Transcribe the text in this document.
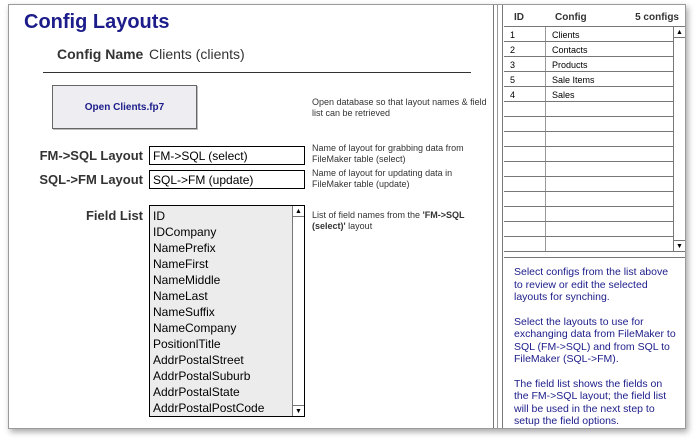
Config Layouts
Config Name Clients (clients)
Open Clients.fp7	Open database so that layout names & field list can be retrieved
FM->SQL Layout
FM->SQL (select)	Name of layout for grabbing data from FileMaker table (select)
SQL->FM Layout
SQL->FM (update)	Name of layout for updating data in FileMaker table (update)
Field List ID
IDCompany
NamePrefix
NameFirst
NameMiddle
NameLast
NameSuffix
NameCompany
PositionlTitle
AddrPostalStreet
AddrPostalSuburb
AddrPostalState
AddrPostalPostCode
▲
▼
List of field names from the 'FM->SQL (select)' layout
ID	Config	5 configs
1	Clients
2	Contacts
3	Products
5	Sale Items
4	Sales
▲
▼

Select configs from the list above to review or edit the selected layouts for synching.

Select the layouts to use for exchanging data from FileMaker to SQL (FM->SQL) and from SQL to FileMaker (SQL->FM).

The field list shows the fields on the FM->SQL layout; the field list will be used in the next step to setup the field options.
